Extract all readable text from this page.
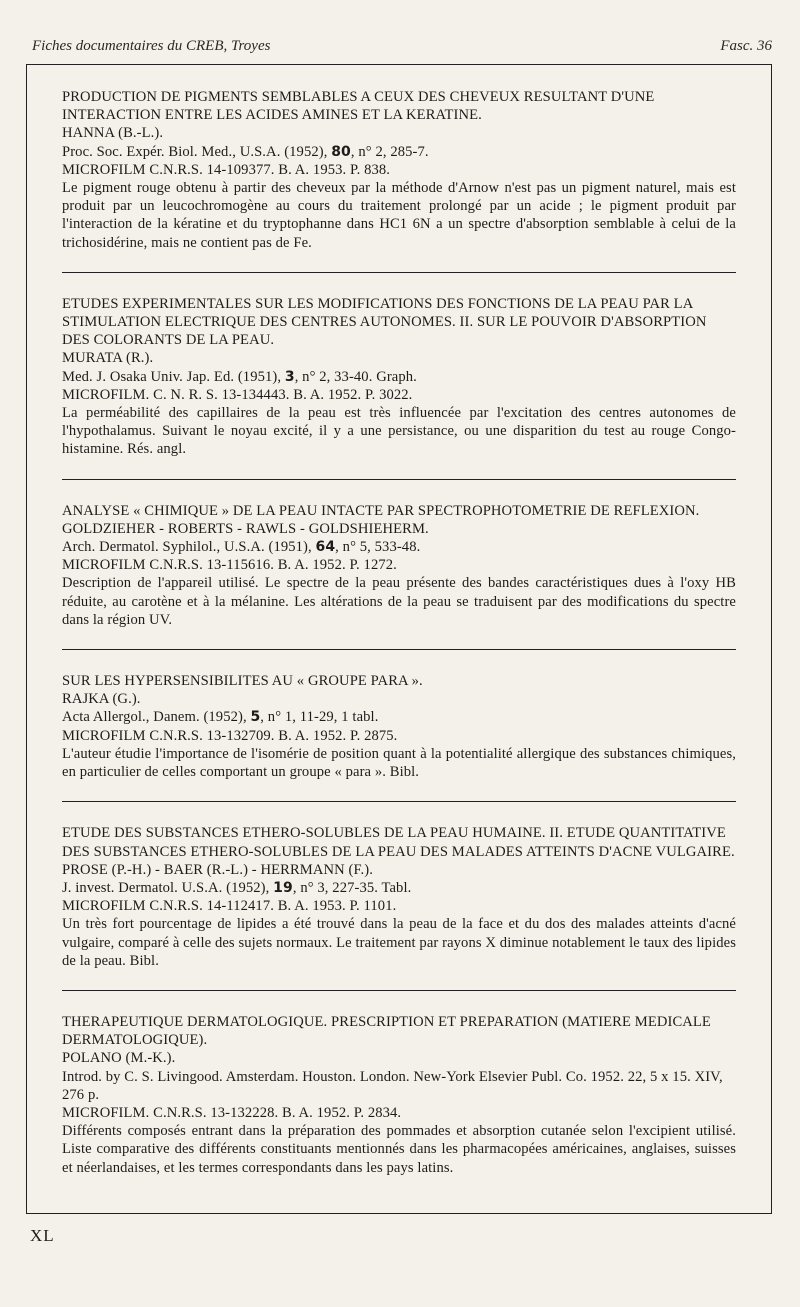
Fiches documentaires du CREB, Troyes	Fasc. 36
PRODUCTION DE PIGMENTS SEMBLABLES A CEUX DES CHEVEUX RESULTANT D'UNE INTERACTION ENTRE LES ACIDES AMINES ET LA KERATINE.
HANNA (B.-L.).
Proc. Soc. Expér. Biol. Med., U.S.A. (1952), 80, n° 2, 285-7.
MICROFILM C.N.R.S. 14-109377. B. A. 1953. P. 838.
Le pigment rouge obtenu à partir des cheveux par la méthode d'Arnow n'est pas un pigment naturel, mais est produit par un leucochromogène au cours du traitement prolongé par un acide ; le pigment produit par l'interaction de la kératine et du tryptophanne dans HC1 6N a un spectre d'absorption semblable à celui de la trichosidérine, mais ne contient pas de Fe.
ETUDES EXPERIMENTALES SUR LES MODIFICATIONS DES FONCTIONS DE LA PEAU PAR LA STIMULATION ELECTRIQUE DES CENTRES AUTONOMES. II. SUR LE POUVOIR D'ABSORPTION DES COLORANTS DE LA PEAU.
MURATA (R.).
Med. J. Osaka Univ. Jap. Ed. (1951), 3, n° 2, 33-40. Graph.
MICROFILM. C. N. R. S. 13-134443. B. A. 1952. P. 3022.
La perméabilité des capillaires de la peau est très influencée par l'excitation des centres autonomes de l'hypothalamus. Suivant le noyau excité, il y a une persistance, ou une disparition du test au rouge Congo-histamine. Rés. angl.
ANALYSE « CHIMIQUE » DE LA PEAU INTACTE PAR SPECTROPHOTOMETRIE DE REFLEXION.
GOLDZIEHER - ROBERTS - RAWLS - GOLDSHIEHERM.
Arch. Dermatol. Syphilol., U.S.A. (1951), 64, n° 5, 533-48.
MICROFILM C.N.R.S. 13-115616. B. A. 1952. P. 1272.
Description de l'appareil utilisé. Le spectre de la peau présente des bandes caractéristiques dues à l'oxy HB réduite, au carotène et à la mélanine. Les altérations de la peau se traduisent par des modifications du spectre dans la région UV.
SUR LES HYPERSENSIBILITES AU « GROUPE PARA ».
RAJKA (G.).
Acta Allergol., Danem. (1952), 5, n° 1, 11-29, 1 tabl.
MICROFILM C.N.R.S. 13-132709. B. A. 1952. P. 2875.
L'auteur étudie l'importance de l'isomérie de position quant à la potentialité allergique des substances chimiques, en particulier de celles comportant un groupe « para ». Bibl.
ETUDE DES SUBSTANCES ETHERO-SOLUBLES DE LA PEAU HUMAINE. II. ETUDE QUANTITATIVE DES SUBSTANCES ETHERO-SOLUBLES DE LA PEAU DES MALADES ATTEINTS D'ACNE VULGAIRE.
PROSE (P.-H.) - BAER (R.-L.) - HERRMANN (F.).
J. invest. Dermatol. U.S.A. (1952), 19, n° 3, 227-35. Tabl.
MICROFILM C.N.R.S. 14-112417. B. A. 1953. P. 1101.
Un très fort pourcentage de lipides a été trouvé dans la peau de la face et du dos des malades atteints d'acné vulgaire, comparé à celle des sujets normaux. Le traitement par rayons X diminue notablement le taux des lipides de la peau. Bibl.
THERAPEUTIQUE DERMATOLOGIQUE. PRESCRIPTION ET PREPARATION (MATIERE MEDICALE DERMATOLOGIQUE).
POLANO (M.-K.).
Introd. by C. S. Livingood. Amsterdam. Houston. London. New-York Elsevier Publ. Co. 1952. 22, 5 x 15. XIV, 276 p.
MICROFILM. C.N.R.S. 13-132228. B. A. 1952. P. 2834.
Différents composés entrant dans la préparation des pommades et absorption cutanée selon l'excipient utilisé. Liste comparative des différents constituants mentionnés dans les pharmacopées américaines, anglaises, suisses et néerlandaises, et les termes correspondants dans les pays latins.
XL
